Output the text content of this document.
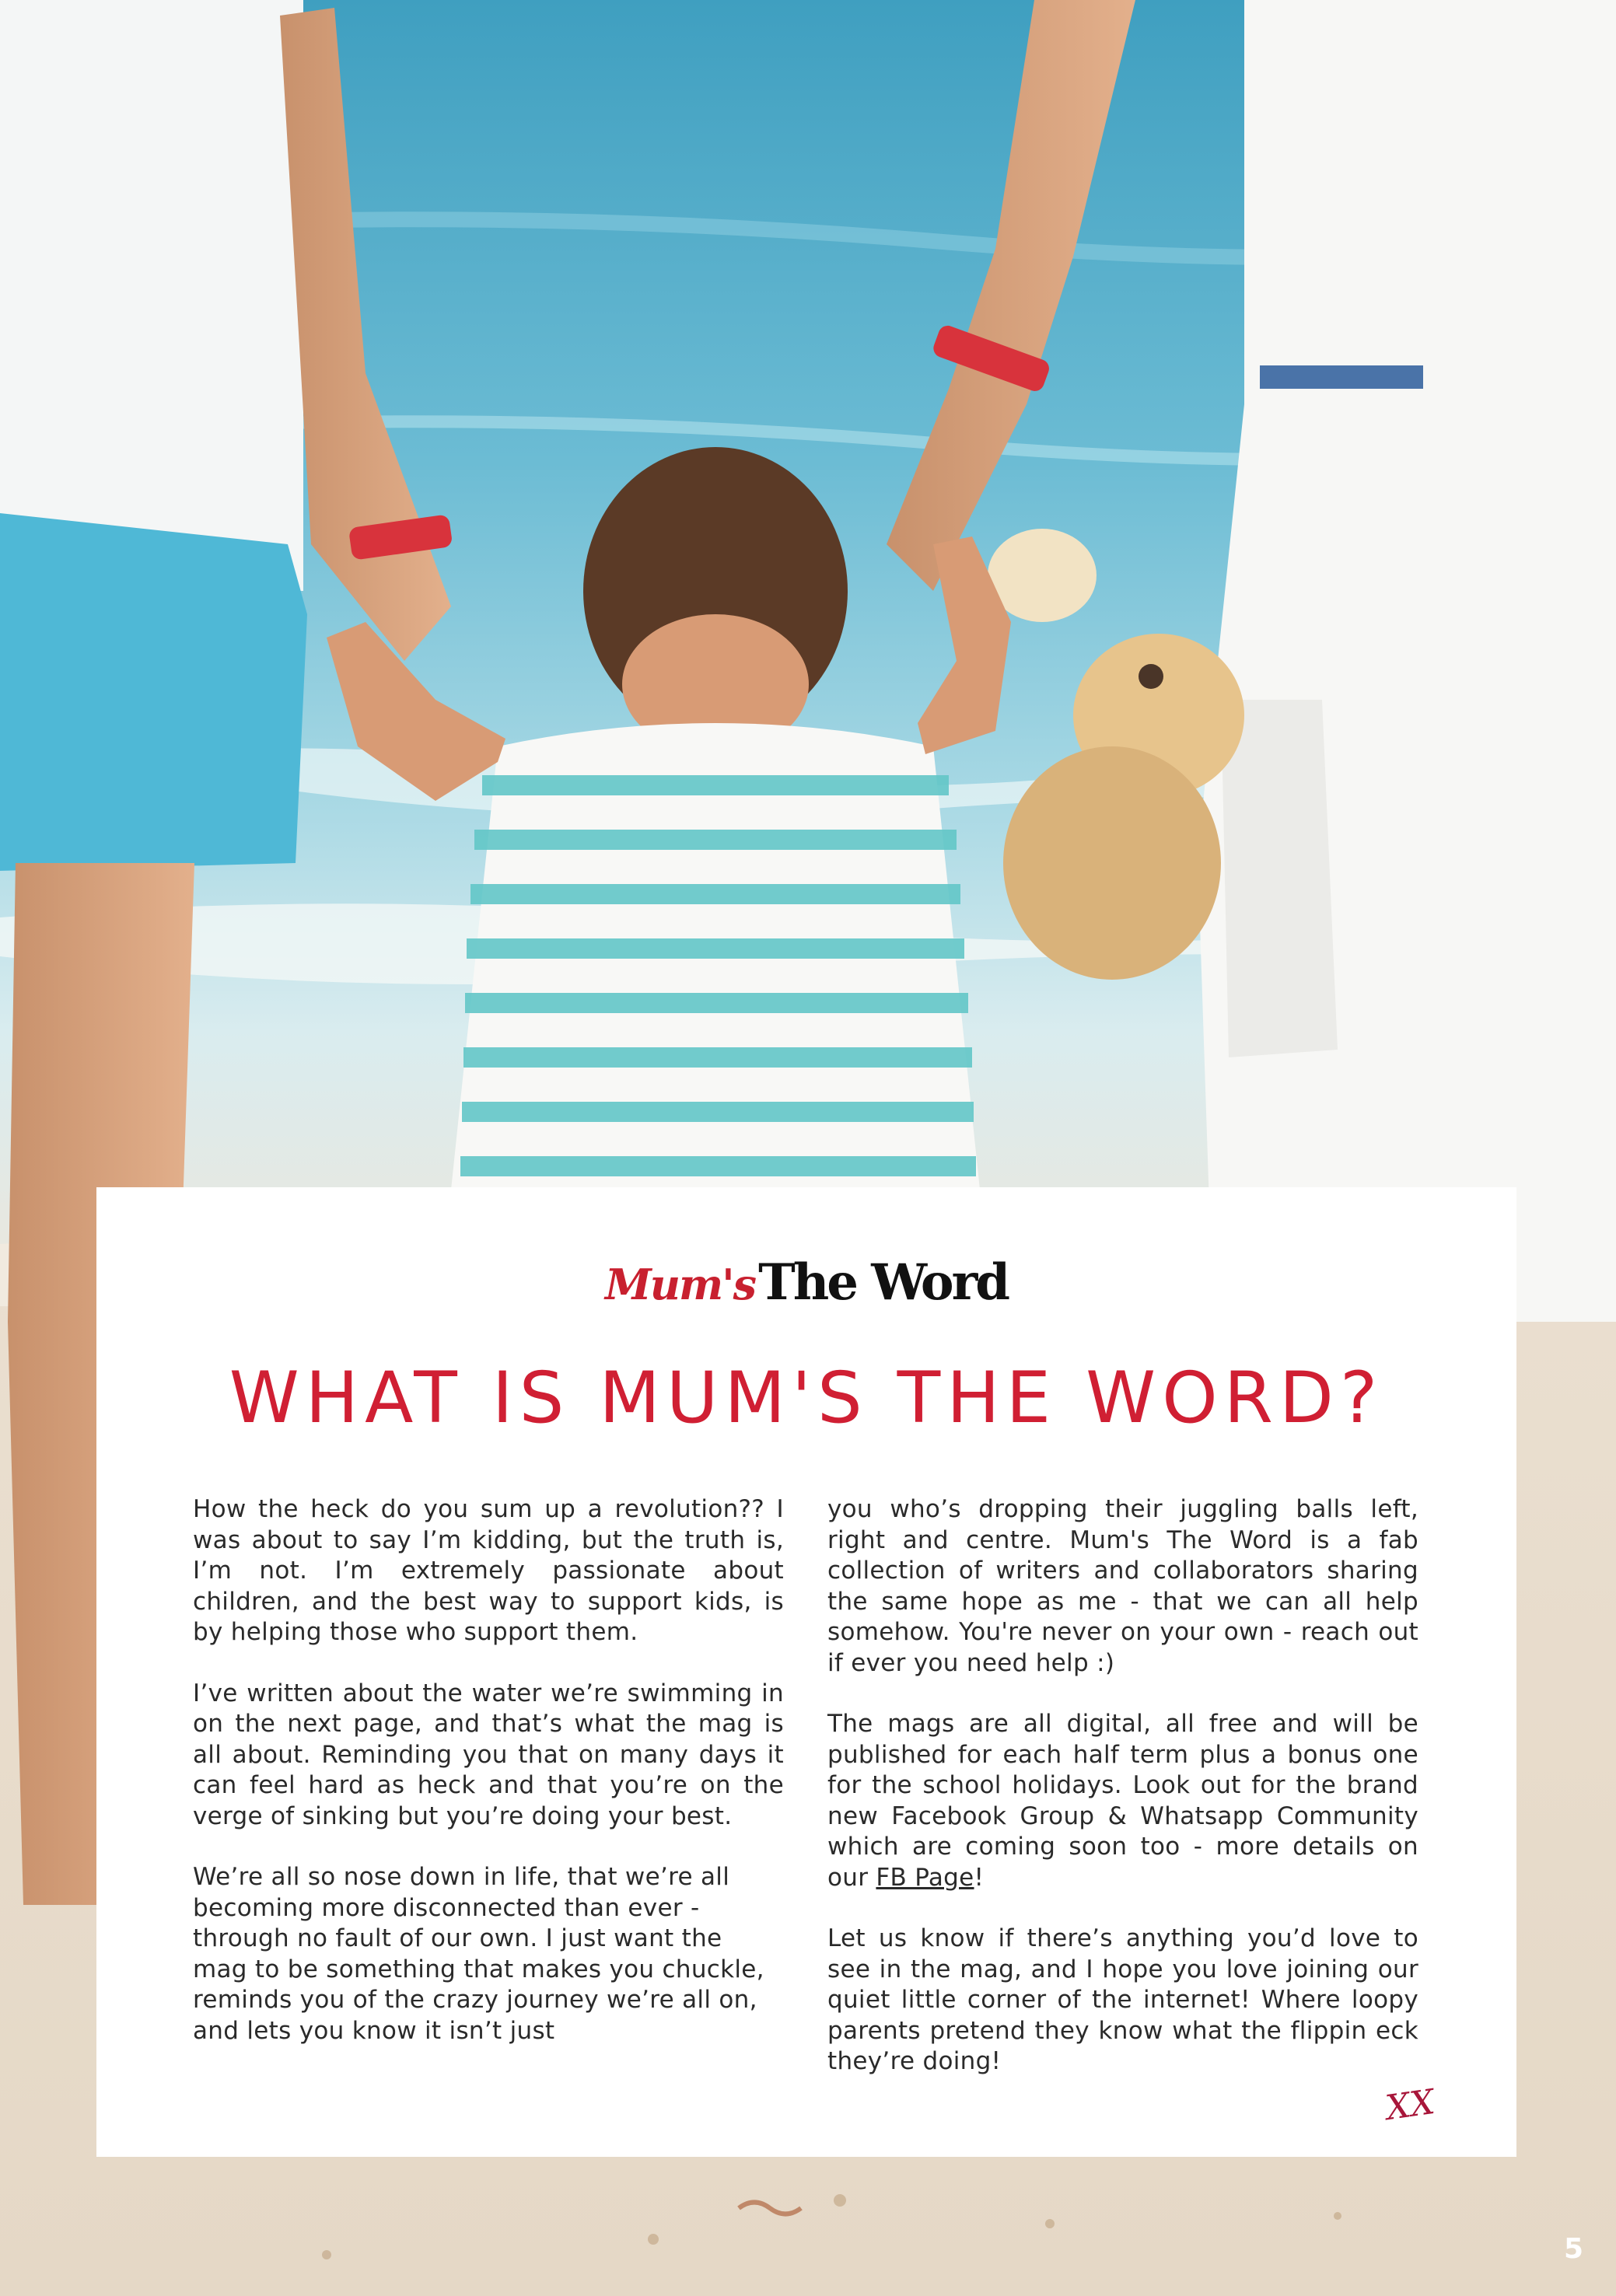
Mum'sThe Word
WHAT IS MUM'S THE WORD?

How the heck do you sum up a revolution?? I was about to say I’m kidding, but the truth is, I’m not. I’m extremely passionate about children, and the best way to support kids, is by helping those who support them.

I’ve written about the water we’re swimming in on the next page, and that’s what the mag is all about. Reminding you that on many days it can feel hard as heck and that you’re on the verge of sinking but you’re doing your best.

We’re all so nose down in life, that we’re all becoming more disconnected than ever - through no fault of our own. I just want the mag to be something that makes you chuckle, reminds you of the crazy journey we’re all on, and lets you know it isn’t just

you who’s dropping their juggling balls left, right and centre. Mum's The Word is a fab collection of writers and collaborators sharing the same hope as me - that we can all help somehow. You're never on your own - reach out if ever you need help :)

The mags are all digital, all free and will be published for each half term plus a bonus one for the school holidays. Look out for the brand new Facebook Group & Whatsapp Community which are coming soon too - more details on our FB Page!

Let us know if there’s anything you’d love to see in the mag, and I hope you love joining our quiet little corner of the internet! Where loopy parents pretend they know what the flippin eck they’re doing!

XX
5
